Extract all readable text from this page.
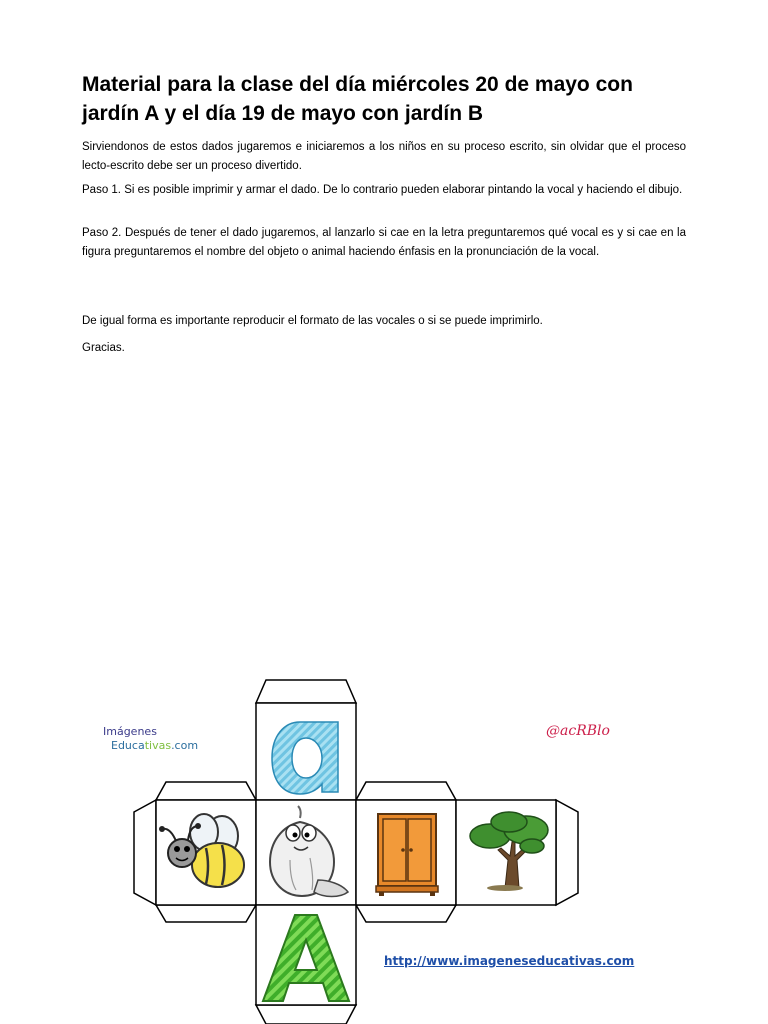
Material para la clase del día miércoles 20 de mayo con jardín A y el día 19 de mayo con jardín B

Sirviendonos de estos dados jugaremos e iniciaremos a los niños en su proceso escrito, sin olvidar que el proceso lecto-escrito debe ser un proceso divertido.

Paso 1. Si es posible imprimir y armar el dado. De lo contrario pueden elaborar pintando la vocal y haciendo el dibujo.

Paso 2. Después de tener el dado jugaremos, al lanzarlo si cae en la letra preguntaremos qué vocal es y si cae en la figura preguntaremos el nombre del objeto o animal haciendo énfasis en la pronunciación de la vocal.

De igual forma es importante reproducir el formato de las vocales o si se puede imprimirlo.

Gracias.

Imágenes
Educativas.com
@acRBlo
http://www.imageneseducativas.com
